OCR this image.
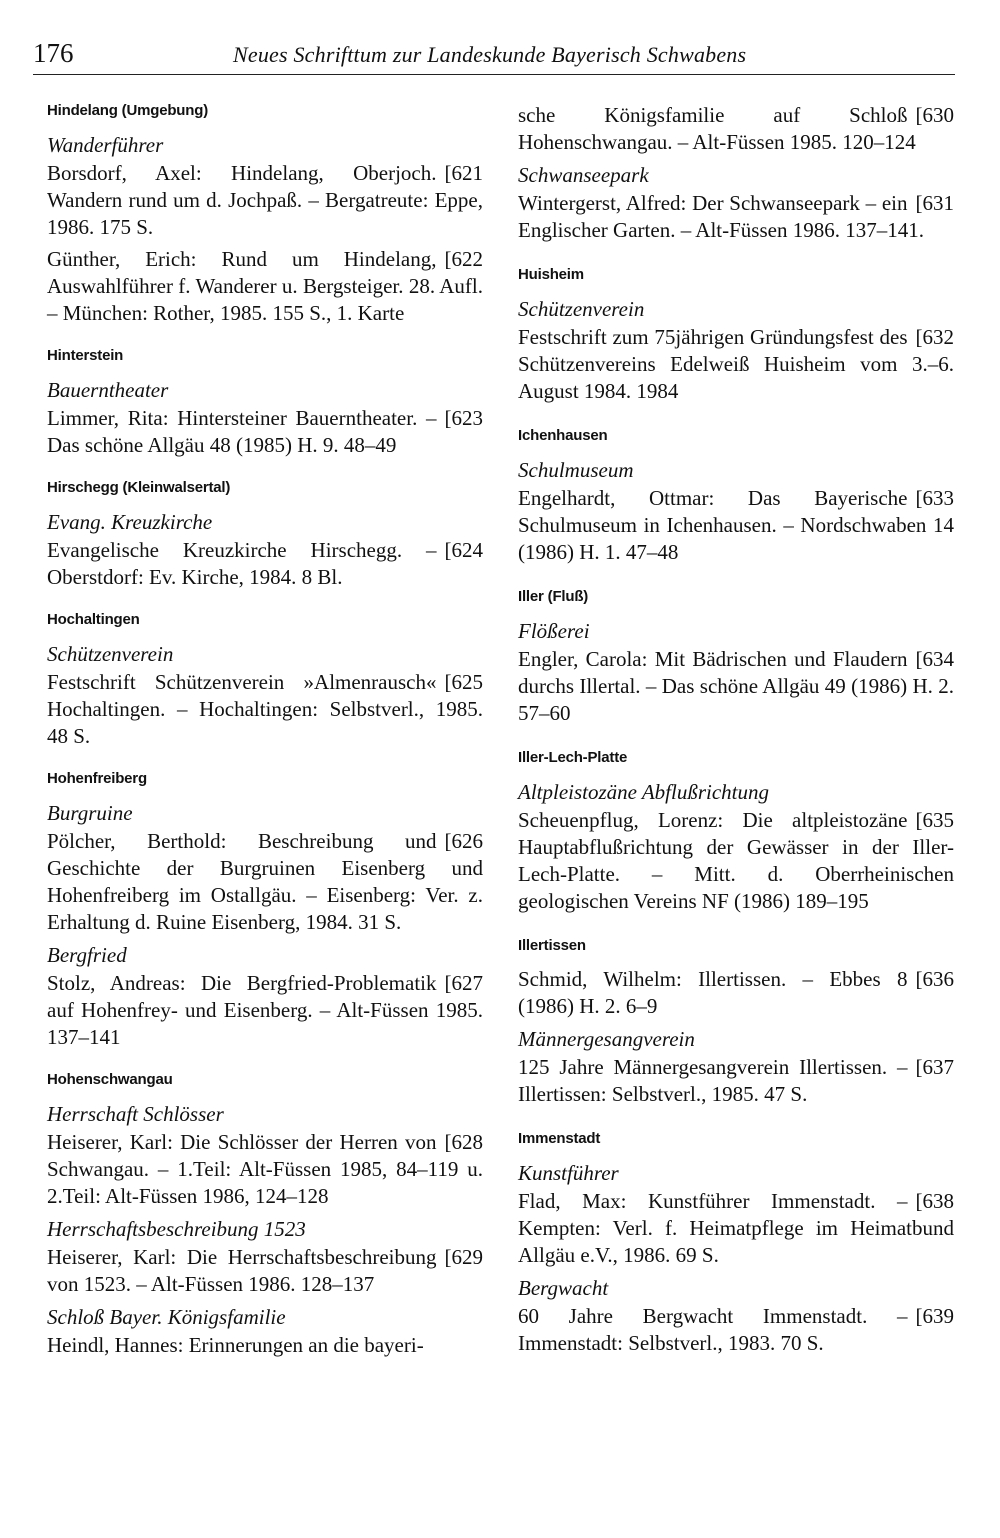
176	Neues Schrifttum zur Landeskunde Bayerisch Schwabens
Hindelang (Umgebung)
Wanderführer
[621
Borsdorf, Axel: Hindelang, Oberjoch. Wandern rund um d. Jochpaß. – Bergatreute: Eppe, 1986. 175 S.
[622
Günther, Erich: Rund um Hindelang, Auswahlführer f. Wanderer u. Bergsteiger. 28. Aufl. – München: Rother, 1985. 155 S., 1. Karte
Hinterstein
Bauerntheater
[623
Limmer, Rita: Hintersteiner Bauerntheater. – Das schöne Allgäu 48 (1985) H. 9. 48–49
Hirschegg (Kleinwalsertal)
Evang. Kreuzkirche
[624
Evangelische Kreuzkirche Hirschegg. – Oberstdorf: Ev. Kirche, 1984. 8 Bl.
Hochaltingen
Schützenverein
[625
Festschrift Schützenverein »Almenrausch« Hochaltingen. – Hochaltingen: Selbstverl., 1985. 48 S.
Hohenfreiberg
Burgruine
[626
Pölcher, Berthold: Beschreibung und Geschichte der Burgruinen Eisenberg und Hohenfreiberg im Ostallgäu. – Eisenberg: Ver. z. Erhaltung d. Ruine Eisenberg, 1984. 31 S.
Bergfried
[627
Stolz, Andreas: Die Bergfried-Problematik auf Hohenfrey- und Eisenberg. – Alt-Füssen 1985. 137–141
Hohenschwangau
Herrschaft Schlösser
[628
Heiserer, Karl: Die Schlösser der Herren von Schwangau. – 1.Teil: Alt-Füssen 1985, 84–119 u. 2.Teil: Alt-Füssen 1986, 124–128
Herrschaftsbeschreibung 1523
[629
Heiserer, Karl: Die Herrschaftsbeschreibung von 1523. – Alt-Füssen 1986. 128–137
Schloß Bayer. Königsfamilie
Heindl, Hannes: Erinnerungen an die bayeri-
[630
sche Königsfamilie auf Schloß Hohenschwangau. – Alt-Füssen 1985. 120–124
Schwanseepark
[631
Wintergerst, Alfred: Der Schwanseepark – ein Englischer Garten. – Alt-Füssen 1986. 137–141.
Huisheim
Schützenverein
[632
Festschrift zum 75jährigen Gründungsfest des Schützenvereins Edelweiß Huisheim vom 3.–6. August 1984. 1984
Ichenhausen
Schulmuseum
[633
Engelhardt, Ottmar: Das Bayerische Schulmuseum in Ichenhausen. – Nordschwaben 14 (1986) H. 1. 47–48
Iller (Fluß)
Flößerei
[634
Engler, Carola: Mit Bädrischen und Flaudern durchs Illertal. – Das schöne Allgäu 49 (1986) H. 2. 57–60
Iller-Lech-Platte
Altpleistozäne Abflußrichtung
[635
Scheuenpflug, Lorenz: Die altpleistozäne Hauptabflußrichtung der Gewässer in der Iller-Lech-Platte. – Mitt. d. Oberrheinischen geologischen Vereins NF (1986) 189–195
Illertissen
[636
Schmid, Wilhelm: Illertissen. – Ebbes 8 (1986) H. 2. 6–9
Männergesangverein
[637
125 Jahre Männergesangverein Illertissen. – Illertissen: Selbstverl., 1985. 47 S.
Immenstadt
Kunstführer
[638
Flad, Max: Kunstführer Immenstadt. – Kempten: Verl. f. Heimatpflege im Heimatbund Allgäu e.V., 1986. 69 S.
Bergwacht
[639
60 Jahre Bergwacht Immenstadt. – Immenstadt: Selbstverl., 1983. 70 S.
